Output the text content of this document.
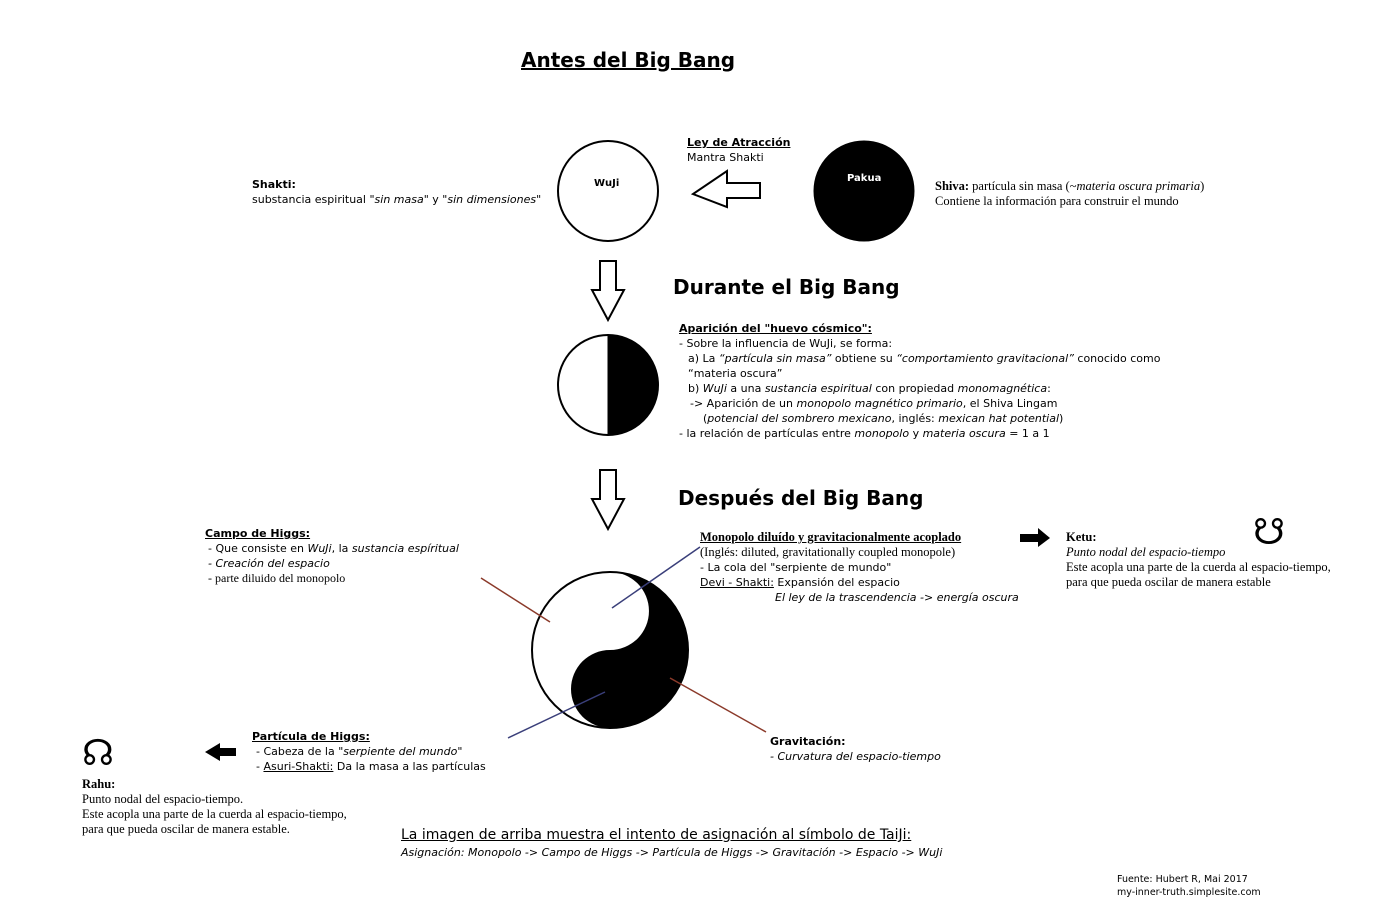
Antes del Big Bang
Durante el Big Bang
Después del Big Bang
WuJi	Pakua
Ley de Atracción
Mantra Shakti
Shakti:
substancia espiritual "sin masa" y "sin dimensiones"
Shiva: partícula sin masa (~materia oscura primaria)
Contiene la información para construir el mundo
Aparición del "huevo cósmico":
- Sobre la influencia de WuJi, se forma:
a) La “partícula sin masa” obtiene su “comportamiento gravitacional” conocido como
“materia oscura”
b) WuJi a una sustancia espiritual con propiedad monomagnética:
-> Aparición de un monopolo magnético primario, el Shiva Lingam
(potencial del sombrero mexicano, inglés: mexican hat potential)
- la relación de partículas entre monopolo y materia oscura = 1 a 1
Campo de Higgs:
- Que consiste en WuJi, la sustancia espíritual
- Creación del espacio
- parte diluido del monopolo
Monopolo diluído y gravitacionalmente acoplado
(Inglés: diluted, gravitationally coupled monopole)
- La cola del "serpiente de mundo"
Devi - Shakti: Expansión del espacio
El ley de la trascendencia -> energía oscura
Ketu:
Punto nodal del espacio-tiempo
Este acopla una parte de la cuerda al espacio-tiempo,
para que pueda oscilar de manera estable
☋
Partícula de Higgs:
- Cabeza de la "serpiente del mundo"
- Asuri-Shakti: Da la masa a las partículas
Gravitación:
- Curvatura del espacio-tiempo
☊
Rahu:
Punto nodal del espacio-tiempo.
Este acopla una parte de la cuerda al espacio-tiempo,
para que pueda oscilar de manera estable.	La imagen de arriba muestra el intento de asignación al símbolo de TaiJi:
Asignación: Monopolo -> Campo de Higgs -> Partícula de Higgs -> Gravitación -> Espacio -> WuJi
Fuente: Hubert R, Mai 2017
my-inner-truth.simplesite.com
